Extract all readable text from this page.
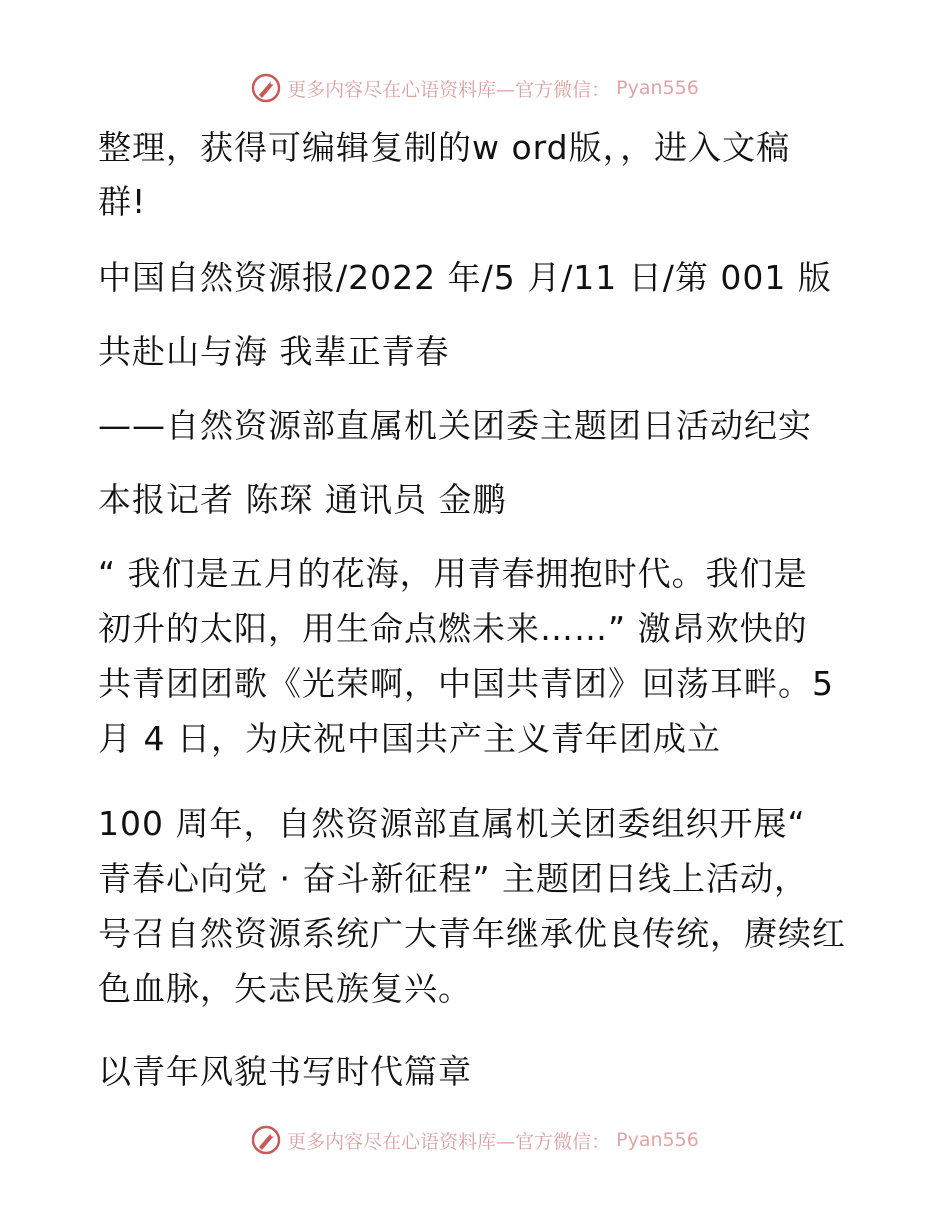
更多内容尽在心语资料库—官方微信： Pyan556
整理，获得可编辑复制的w ord版，，进入文稿
群!
中国自然资源报/2022 年/5 月/11 日/第 001 版
共赴山与海 我辈正青春
——自然资源部直属机关团委主题团日活动纪实
本报记者 陈琛 通讯员 金鹏
“ 我们是五月的花海，用青春拥抱时代。我们是
初升的太阳，用生命点燃未来……” 激昂欢快的
共青团团歌《光荣啊，中国共青团》回荡耳畔。5
月 4 日，为庆祝中国共产主义青年团成立
100 周年，自然资源部直属机关团委组织开展“
青春心向党 · 奋斗新征程” 主题团日线上活动，
号召自然资源系统广大青年继承优良传统，赓续红
色血脉，矢志民族复兴。
以青年风貌书写时代篇章
更多内容尽在心语资料库—官方微信： Pyan556
